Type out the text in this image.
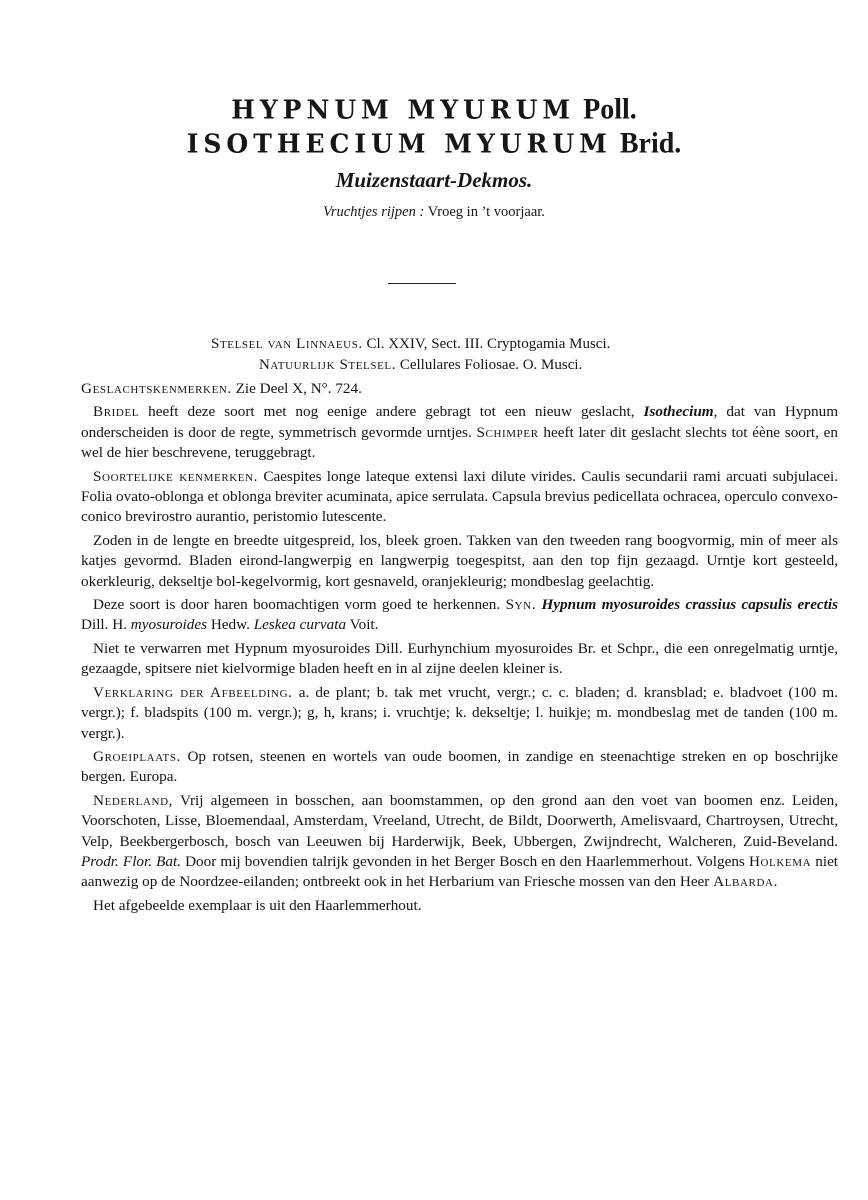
HYPNUM MYURUM Poll.
ISOTHECIUM MYURUM Brid.
Muizenstaart-Dekmos.
Vruchtjes rijpen : Vroeg in ’t voorjaar.
Stelsel van Linnaeus. Cl. XXIV, Sect. III. Cryptogamia Musci.
Natuurlijk Stelsel. Cellulares Foliosae. O. Musci.

Geslachtskenmerken. Zie Deel X, N°. 724.

Bridel heeft deze soort met nog eenige andere gebragt tot een nieuw geslacht, Isothecium, dat van Hypnum onderscheiden is door de regte, symmetrisch gevormde urntjes. Schimper heeft later dit geslacht slechts tot éène soort, en wel de hier beschrevene, teruggebragt.

Soortelijke kenmerken. Caespites longe lateque extensi laxi dilute virides. Caulis secundarii rami arcuati subjulacei. Folia ovato-oblonga et oblonga breviter acuminata, apice serrulata. Capsula brevius pedicellata ochracea, operculo convexo-conico brevirostro aurantio, peristomio lutescente.

Zoden in de lengte en breedte uitgespreid, los, bleek groen. Takken van den tweeden rang boogvormig, min of meer als katjes gevormd. Bladen eirond-langwerpig en langwerpig toegespitst, aan den top fijn gezaagd. Urntje kort gesteeld, okerkleurig, dekseltje bol-kegelvormig, kort gesnaveld, oranjekleurig; mondbeslag geelachtig.

Deze soort is door haren boomachtigen vorm goed te herkennen. Syn. Hypnum myosuroides crassius capsulis erectis Dill. H. myosuroides Hedw. Leskea curvata Voit.

Niet te verwarren met Hypnum myosuroides Dill. Eurhynchium myosuroides Br. et Schpr., die een onregelmatig urntje, gezaagde, spitsere niet kielvormige bladen heeft en in al zijne deelen kleiner is.

Verklaring der Afbeelding. a. de plant; b. tak met vrucht, vergr.; c. c. bladen; d. kransblad; e. bladvoet (100 m. vergr.); f. bladspits (100 m. vergr.); g, h, krans; i. vruchtje; k. dekseltje; l. huikje; m. mondbeslag met de tanden (100 m. vergr.).

Groeiplaats. Op rotsen, steenen en wortels van oude boomen, in zandige en steenachtige streken en op boschrijke bergen. Europa.

Nederland, Vrij algemeen in bosschen, aan boomstammen, op den grond aan den voet van boomen enz. Leiden, Voorschoten, Lisse, Bloemendaal, Amsterdam, Vreeland, Utrecht, de Bildt, Doorwerth, Amelisvaard, Chartroysen, Utrecht, Velp, Beekbergerbosch, bosch van Leeuwen bij Harderwijk, Beek, Ubbergen, Zwijndrecht, Walcheren, Zuid-Beveland. Prodr. Flor. Bat. Door mij bovendien talrijk gevonden in het Berger Bosch en den Haarlemmerhout. Volgens Holkema niet aanwezig op de Noordzee-eilanden; ontbreekt ook in het Herbarium van Friesche mossen van den Heer Albarda.

Het afgebeelde exemplaar is uit den Haarlemmerhout.
